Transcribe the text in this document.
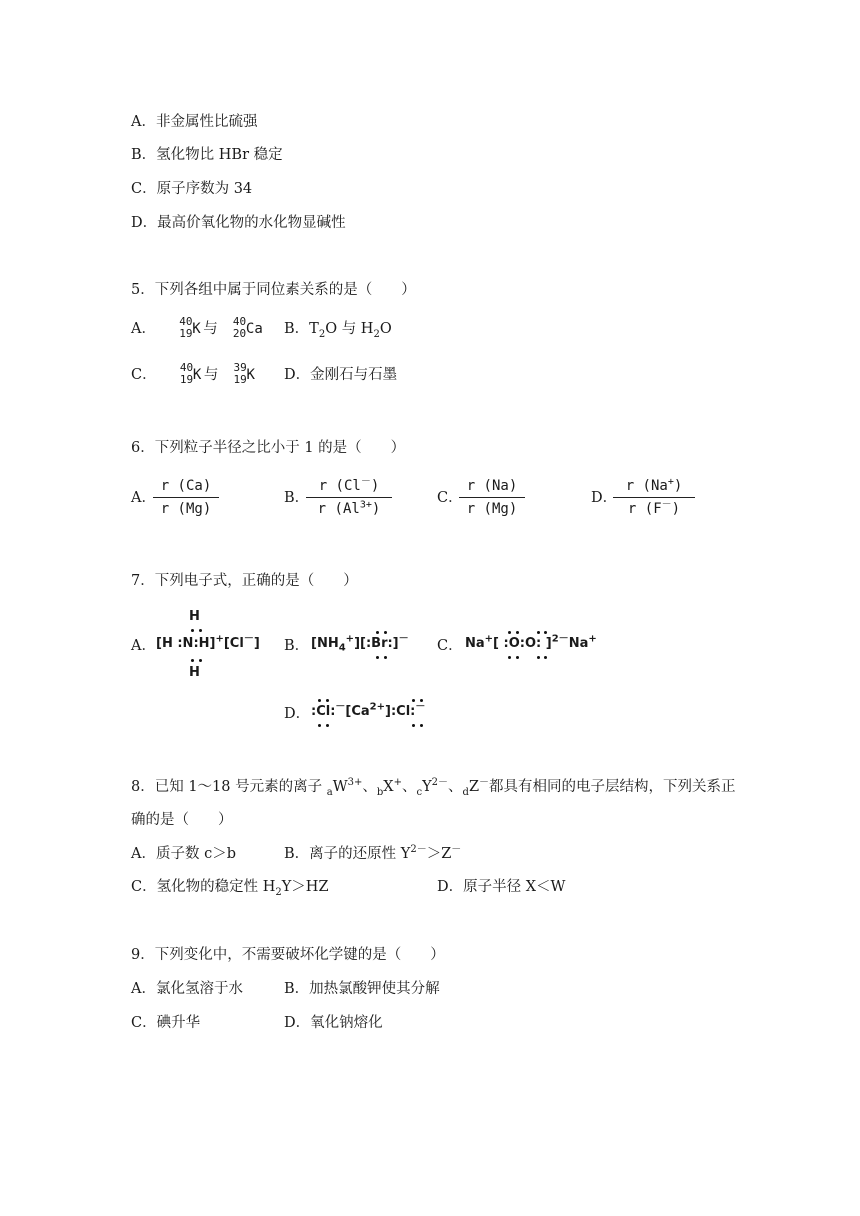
A．非金属性比硫强
B．氢化物比 HBr 稳定
C．原子序数为 34
D．最高价氧化物的水化物显碱性
5．下列各组中属于同位素关系的是（　　）
A． 40
19 K 与 40
20 Ca B．$T_2O$ 与 $H_2O$
C． 40
19 K 与 39
19 K D．金刚石与石墨
6．下列粒子半径之比小于 1 的是（　　）
A．
r (Ca)
r (Mg)
B．
r (Cl－)
r $(Al^{3+})$
C．
r (Na)
r (Mg)
D．
r (Na+)
r (F－)
7．下列电子式，正确的是（　　）
A．
H

[H :N:H]+[Cl－]

H
B． $[NH_4^+][:Br:]^-$

C． Na+[ :O:O: ]$^{2-}$Na+

D． $:Cl:^-[Ca^{2+}]:Cl:^-$

8．已知 1～18 号元素的离子 $_aW^{3+}$、$_b$X+、$_cY^{2-}$、$_d$Z－都具有相同的电子层结构，下列关系正
确的是（　　）
A．质子数 c＞b	B．离子的还原性 $Y^{2-}>Z^-$
C．氢化物的稳定性 $H_2Y>HZ$	D．原子半径 X＜W
9．下列变化中，不需要破坏化学键的是（　　）
A．氯化氢溶于水	B．加热氯酸钾使其分解
C．碘升华	D．氧化钠熔化
